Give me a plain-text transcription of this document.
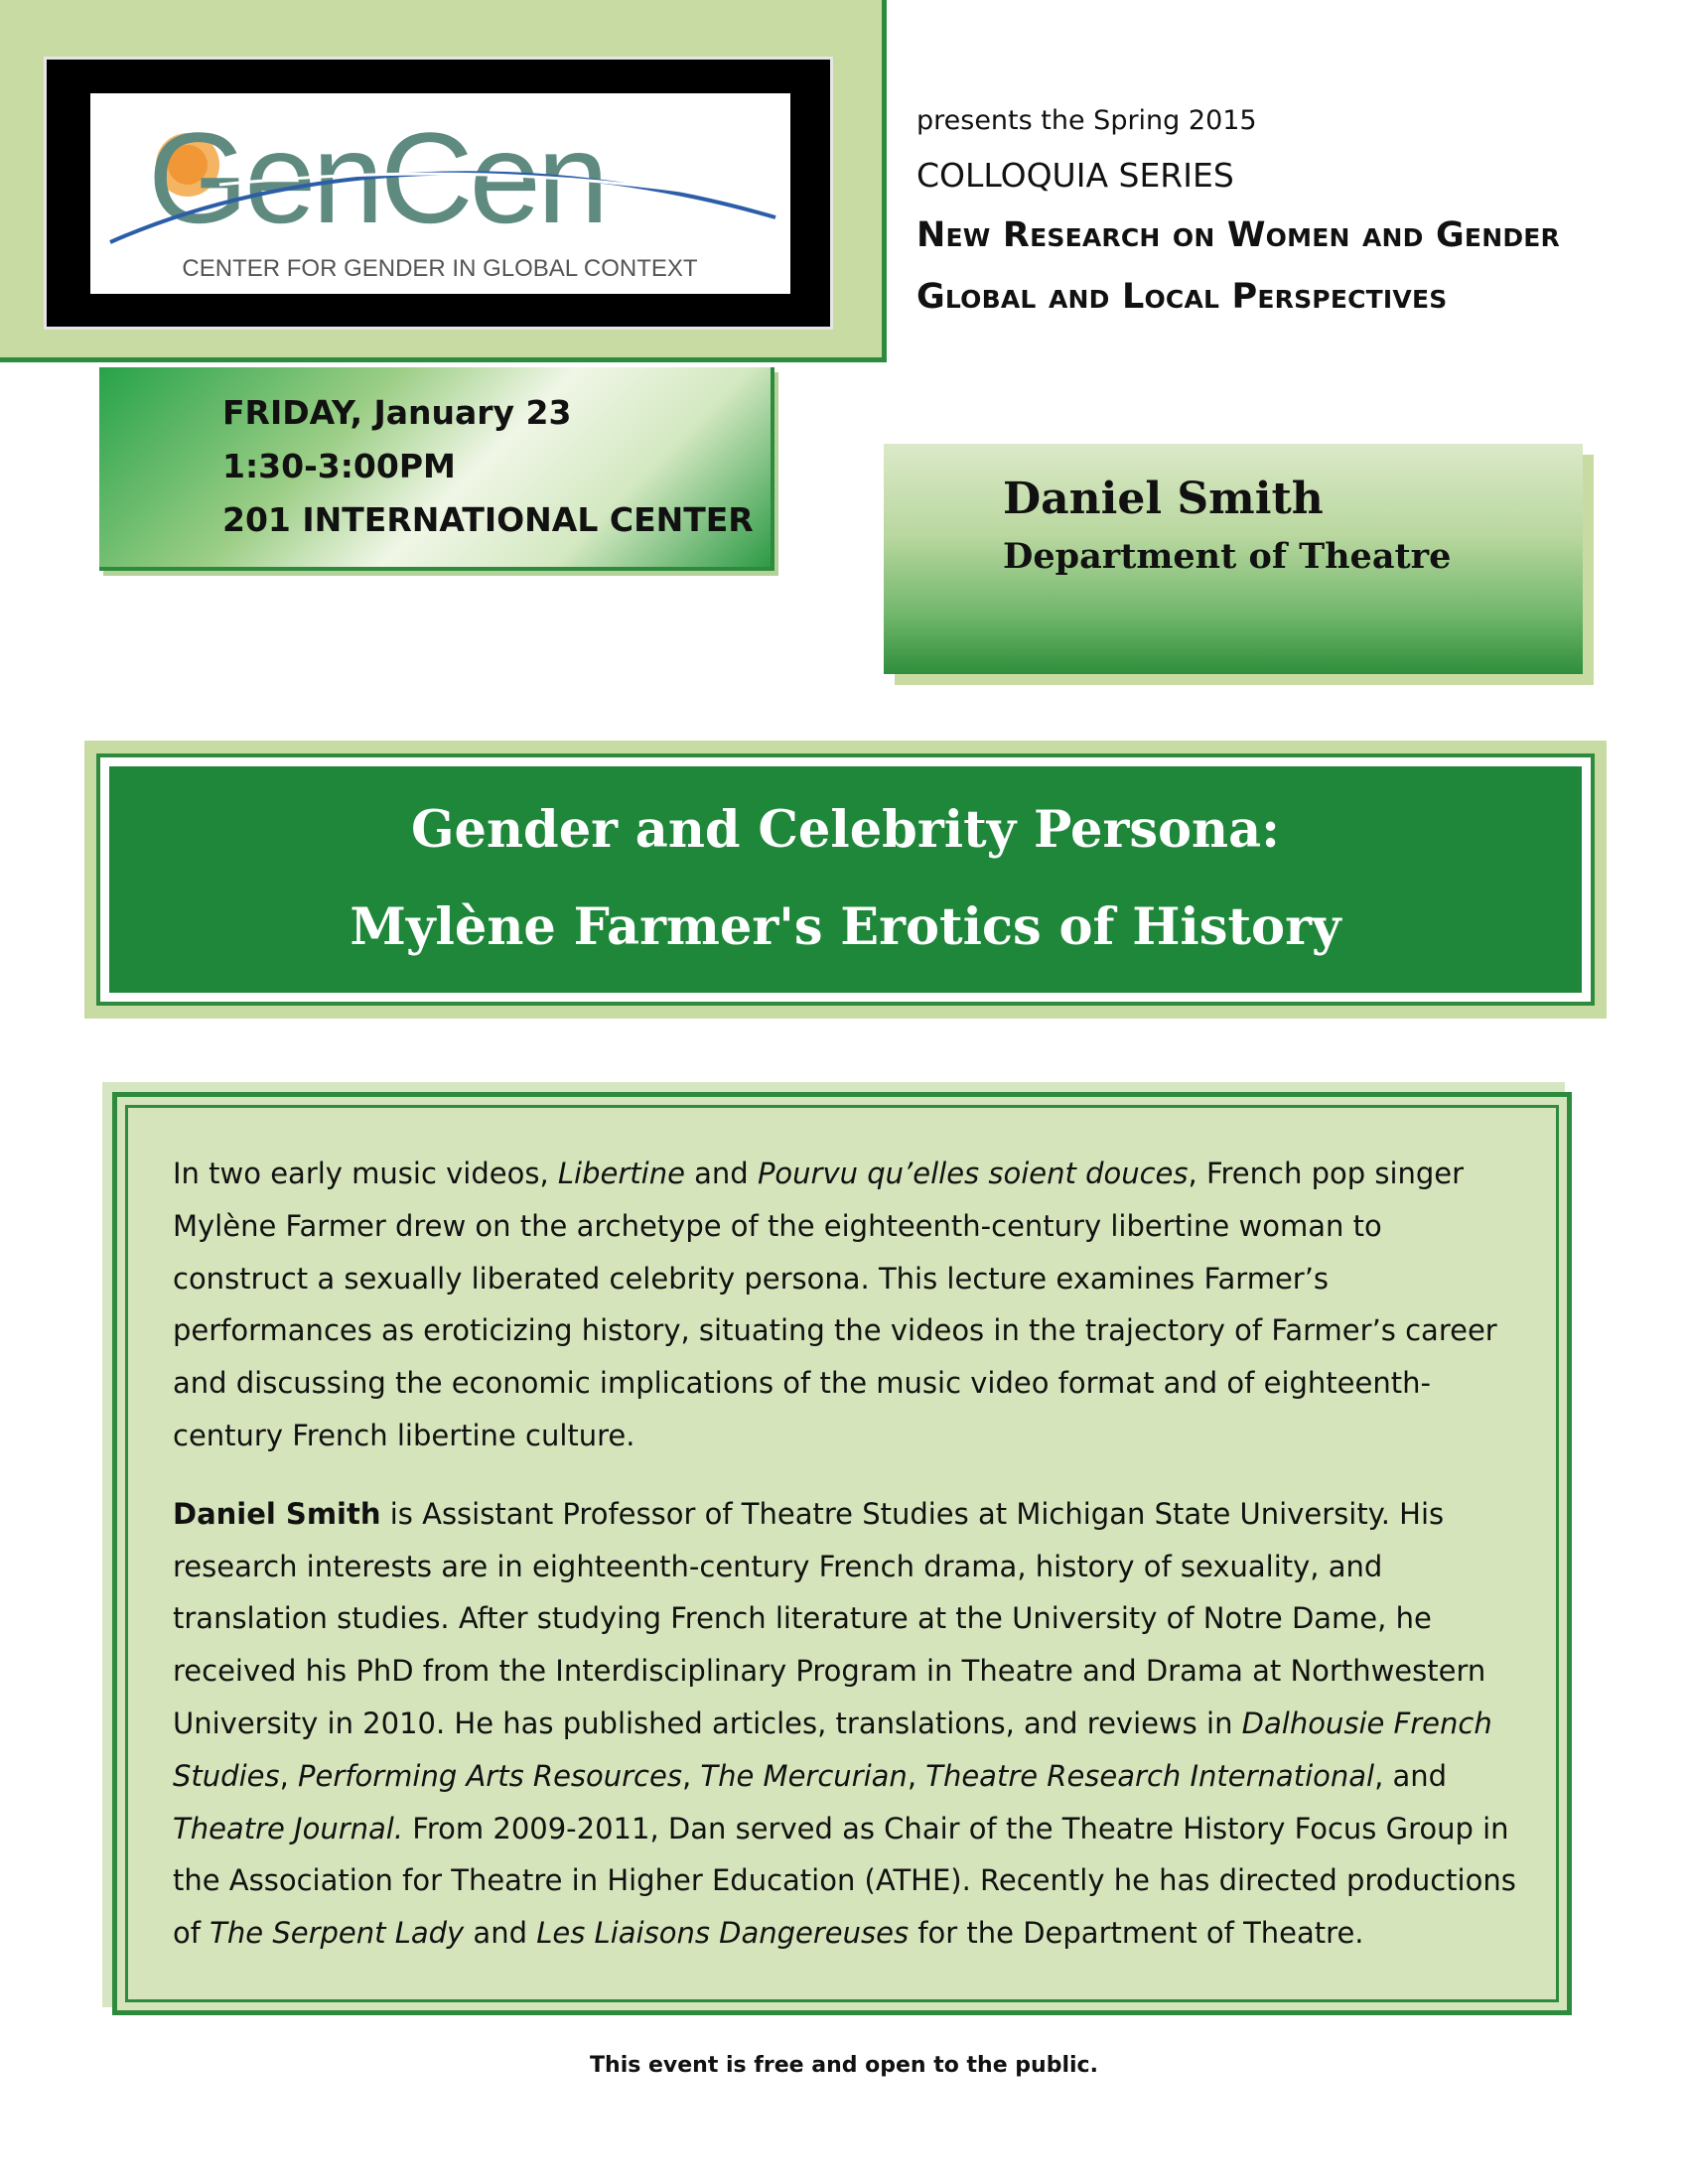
GenCen
CENTER FOR GENDER IN GLOBAL CONTEXT

presents the Spring 2015

COLLOQUIA SERIES

New Research on Women and Gender

Global and Local Perspectives

FRIDAY, January 23
1:30-3:00PM
201 INTERNATIONAL CENTER	Daniel Smith
Department of Theatre
Gender and Celebrity Persona:
Mylène Farmer's Erotics of History

In two early music videos, Libertine and Pourvu qu’elles soient douces, French pop singer Mylène Farmer drew on the archetype of the eighteenth-century libertine woman to construct a sexually liberated celebrity persona. This lecture examines Farmer’s performances as eroticizing history, situating the videos in the trajectory of Farmer’s career and discussing the economic implications of the music video format and of eighteenth-century French libertine culture.

Daniel Smith is Assistant Professor of Theatre Studies at Michigan State University. His research interests are in eighteenth-century French drama, history of sexuality, and translation studies. After studying French literature at the University of Notre Dame, he received his PhD from the Interdisciplinary Program in Theatre and Drama at Northwestern University in 2010. He has published articles, translations, and reviews in Dalhousie French Studies, Performing Arts Resources, The Mercurian, Theatre Research International, and Theatre Journal. From 2009-2011, Dan served as Chair of the Theatre History Focus Group in the Association for Theatre in Higher Education (ATHE). Recently he has directed productions of The Serpent Lady and Les Liaisons Dangereuses for the Department of Theatre.

This event is free and open to the public.
